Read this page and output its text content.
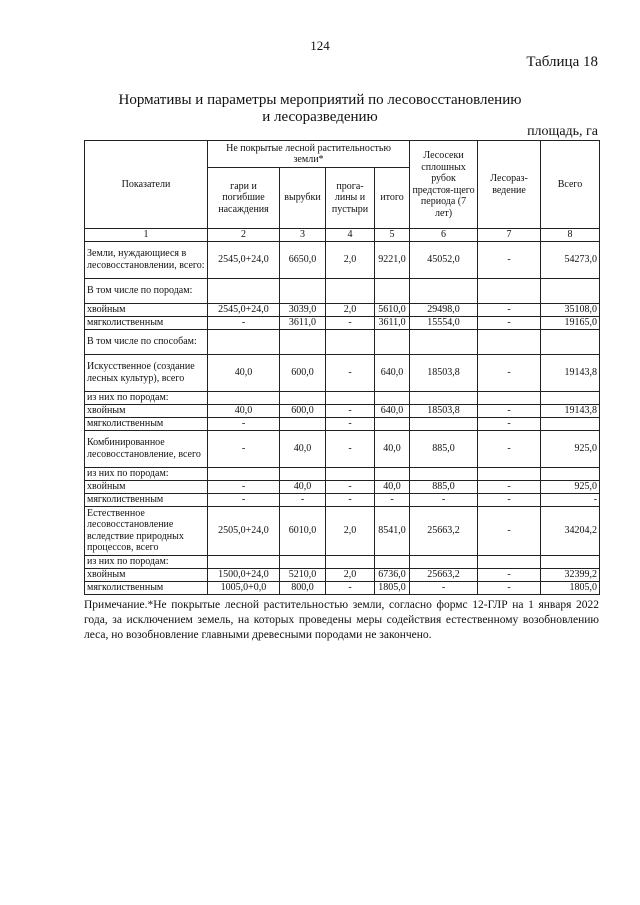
124
Таблица 18
Нормативы и параметры мероприятий по лесовосстановлению
и лесоразведению
площадь, га
Показатели	Не покрытые лесной растительностью земли*				Лесосеки сплошных рубок предстоя-щего периода (7 лет)	Лесораз-ведение	Всего
	гари и погибшие насаждения	вырубки	прога-лины и пустыри	итого			
1	2	3	4	5	6	7	8
Земли, нуждающиеся в лесовосстановлении, всего:	2545,0+24,0	6650,0	2,0	9221,0	45052,0	-	54273,0
В том числе по породам:							
хвойным	2545,0+24,0	3039,0	2,0	5610,0	29498,0	-	35108,0
мягколиственным	-	3611,0	-	3611,0	15554,0	-	19165,0
В том числе по способам:							
Искусственное (создание лесных культур), всего	40,0	600,0	-	640,0	18503,8	-	19143,8
из них по породам:							
хвойным	40,0	600,0	-	640,0	18503,8	-	19143,8
мягколиственным	-		-			-	
Комбинированное лесовосстановление, всего	-	40,0	-	40,0	885,0	-	925,0
из них по породам:							
хвойным	-	40,0	-	40,0	885,0	-	925,0
мягколиственным	-	-	-	-	-	-	-
Естественное лесовосстановление вследствие природных процессов, всего	2505,0+24,0	6010,0	2,0	8541,0	25663,2	-	34204,2
из них по породам:							
хвойным	1500,0+24,0	5210,0	2,0	6736,0	25663,2	-	32399,2
мягколиственным	1005,0+0,0	800,0	-	1805,0	-	-	1805,0
Примечание.*Не покрытые лесной растительностью земли, согласно формс 12-ГЛР на 1 января 2022 года, за исключением земель, на которых проведены меры содействия естественному возобновлению леса, но возобновление главными древесными породами не закончено.
